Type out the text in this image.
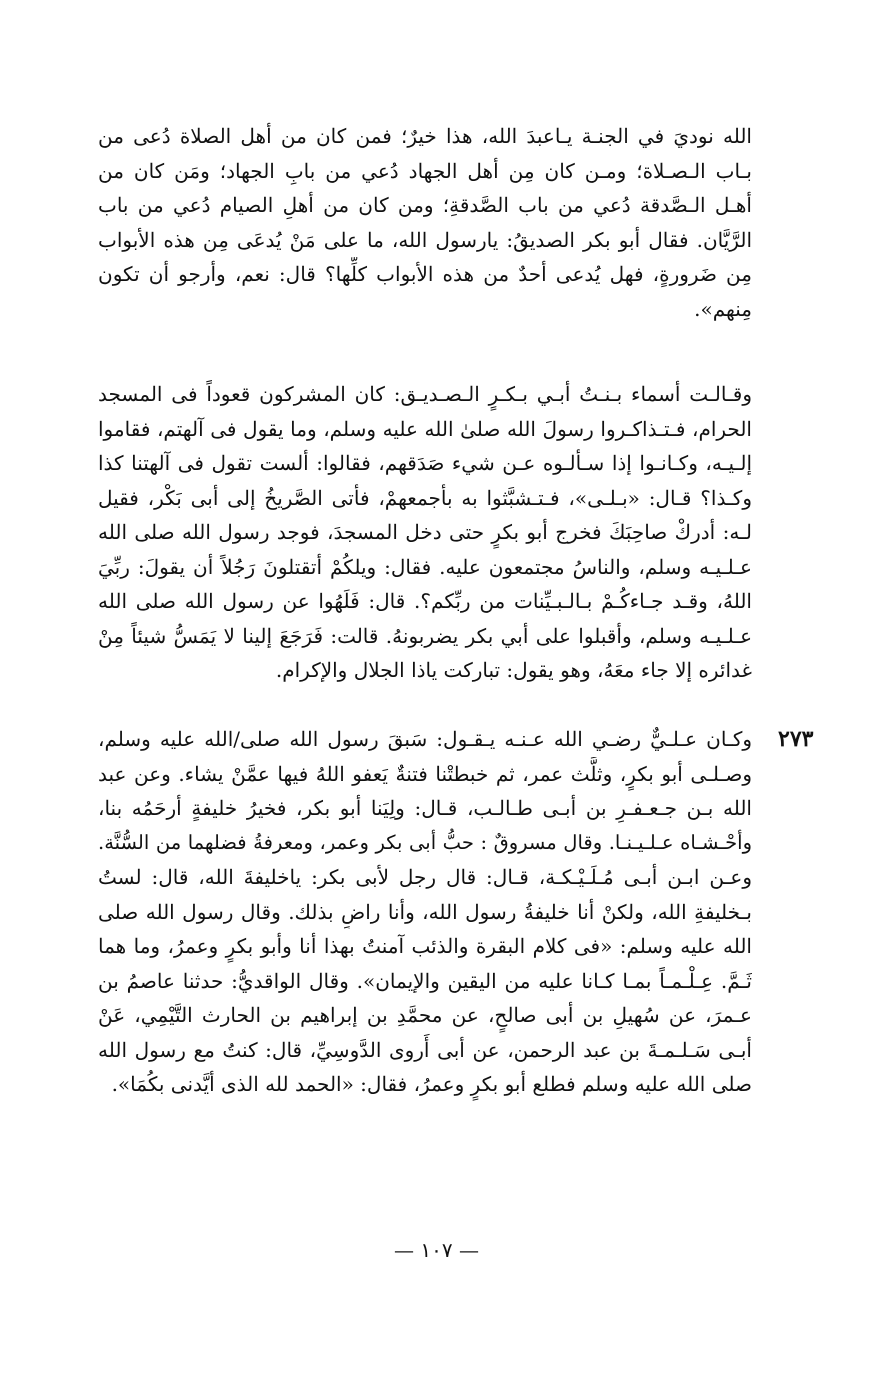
الله نوديَ في الجنـة يـاعبدَ الله، هذا خيرٌ؛ فمن كان من أهل الصلاة دُعى من
بـاب الـصـلاة؛ ومـن كان مِن أهل الجهاد دُعي من بابِ الجهاد؛ ومَن كان من
أهـل الـصَّدقة دُعي من باب الصَّدقةِ؛ ومن كان من أهلِ الصيام دُعي من باب
الرَّيَّان. فقال أبو بكر الصديقُ: يارسول الله، ما على مَنْ يُدعَى مِن هذه الأبواب
مِن ضَرورةٍ، فهل يُدعى أحدٌ من هذه الأبواب كلِّها؟ قال: نعم، وأرجو أن تكون
مِنهم».
وقـالـت أسماء بـنـتُ أبـي بـكـرٍ الـصـديـق: كان المشركون قعوداً فى المسجد
الحرام، فـتـذاكـروا رسولَ الله صلىٰ الله عليه وسلم، وما يقول فى آلهتم، فقاموا
إلـيـه، وكـانـوا إذا سـألـوه عـن شيء صَدَقهم، فقالوا: ألست تقول فى آلهتنا كذا
وكـذا؟ قـال: «بـلـى»، فـتـشبَّثوا به بأجمعهمْ، فأتى الصَّريخُ إلى أبى بَكْر، فقيل
لـه: أدركْ صاحِبَكَ فخرج أبو بكرٍ حتى دخل المسجدَ، فوجد رسول الله صلى الله
عـلـيـه وسلم، والناسُ مجتمعون عليه. فقال: ويلكُمْ أتقتلونَ رَجُلاً أن يقولَ: ربِّيَ
اللهُ، وقـد جـاءكُـمْ بـالـبـيِّنات من ربِّكم؟. قال: فَلَهُوا عن رسول الله صلى الله
عـلـيـه وسلم، وأقبلوا على أبي بكر يضربونهُ. قالت: فَرَجَعَ إلينا لا يَمَسُّ شيئاً مِنْ
غدائره إلا جاء معَهُ، وهو يقول: تباركت ياذا الجلال والإكرام.
٢٧٣
وكـان عـلـيٌّ رضـي الله عـنـه يـقـول: سَبقَ رسول الله صلى/الله عليه وسلم،
وصـلـى أبو بكرٍ، وثلَّث عمر، ثم خبطتْنا فتنةٌ يَعفو اللهُ فيها عمَّنْ يشاء. وعن عبد
الله بـن جـعـفـرِ بن أبـى طـالـب، قـال: ولِيَنا أبو بكر، فخيرُ خليفةٍ أرحَمُه بنا،
وأحْـشـاه عـلـيـنـا. وقال مسروقٌ : حبُّ أبى بكر وعمر، ومعرفةُ فضلهما من السُّنَّة.
وعـن ابـن أبـى مُـلَـيْـكـة، قـال: قال رجل لأبى بكر: ياخليفةَ الله، قال: لستُ
بـخليفةِ الله، ولكنْ أنا خليفةُ رسول الله، وأنا راضٍ بذلك. وقال رسول الله صلى
الله عليه وسلم: «فى كلام البقرة والذئب آمنتُ بهذا أنا وأبو بكرٍ وعمرُ، وما هما
ثَـمَّ. عِـلْـمـاً بمـا كـانا عليه من اليقين والإيمان». وقال الواقديُّ: حدثنا عاصمُ بن
عـمرَ، عن سُهيلِ بن أبى صالحٍ، عن محمَّدِ بن إبراهيم بن الحارث التَّيْمِي، عَنْ
أبـى سَـلـمـةَ بن عبد الرحمن، عن أبى أَروى الدَّوسِيِّ، قال: كنتُ مع رسول الله
صلى الله عليه وسلم فطلع أبو بكرٍ وعمرُ، فقال: «الحمد لله الذى أيَّدنى بكُمَا».
— ١٠٧ —
